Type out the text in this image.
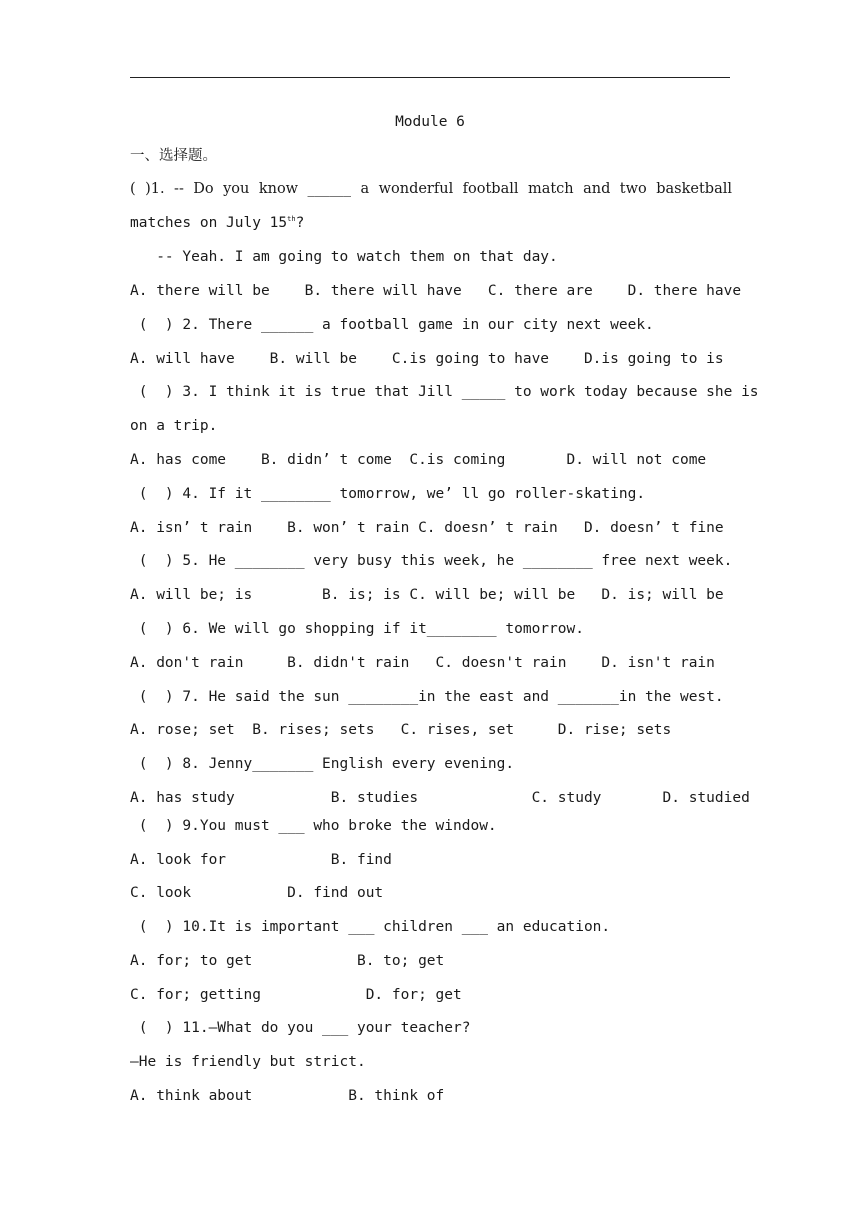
Module 6
一、选择题。
( )1. -- Do you know ______ a wonderful football match and two basketball
matches on July 15th?
-- Yeah. I am going to watch them on that day.
A. there will be    B. there will have   C. there are    D. there have
(  ) 2. There ______ a football game in our city next week.
A. will have    B. will be    C.is going to have    D.is going to is
(  ) 3. I think it is true that Jill _____ to work today because she is
on a trip.
A. has come    B. didn’ t come  C.is coming       D. will not come
(  ) 4. If it ________ tomorrow, we’ ll go roller-skating.
A. isn’ t rain    B. won’ t rain C. doesn’ t rain   D. doesn’ t fine
(  ) 5. He ________ very busy this week, he ________ free next week.
A. will be; is        B. is; is C. will be; will be   D. is; will be
(  ) 6. We will go shopping if it________ tomorrow.
A. don't rain     B. didn't rain   C. doesn't rain    D. isn't rain
(  ) 7. He said the sun ________in the east and _______in the west.
A. rose; set  B. rises; sets   C. rises, set     D. rise; sets
(  ) 8. Jenny_______ English every evening.
A. has study           B. studies             C. study       D. studied
(  ) 9.You must ___ who broke the window.
A. look for            B. find
C. look           D. find out
(  ) 10.It is important ___ children ___ an education.
A. for; to get            B. to; get
C. for; getting            D. for; get
(  ) 11.—What do you ___ your teacher?
—He is friendly but strict.
A. think about           B. think of
